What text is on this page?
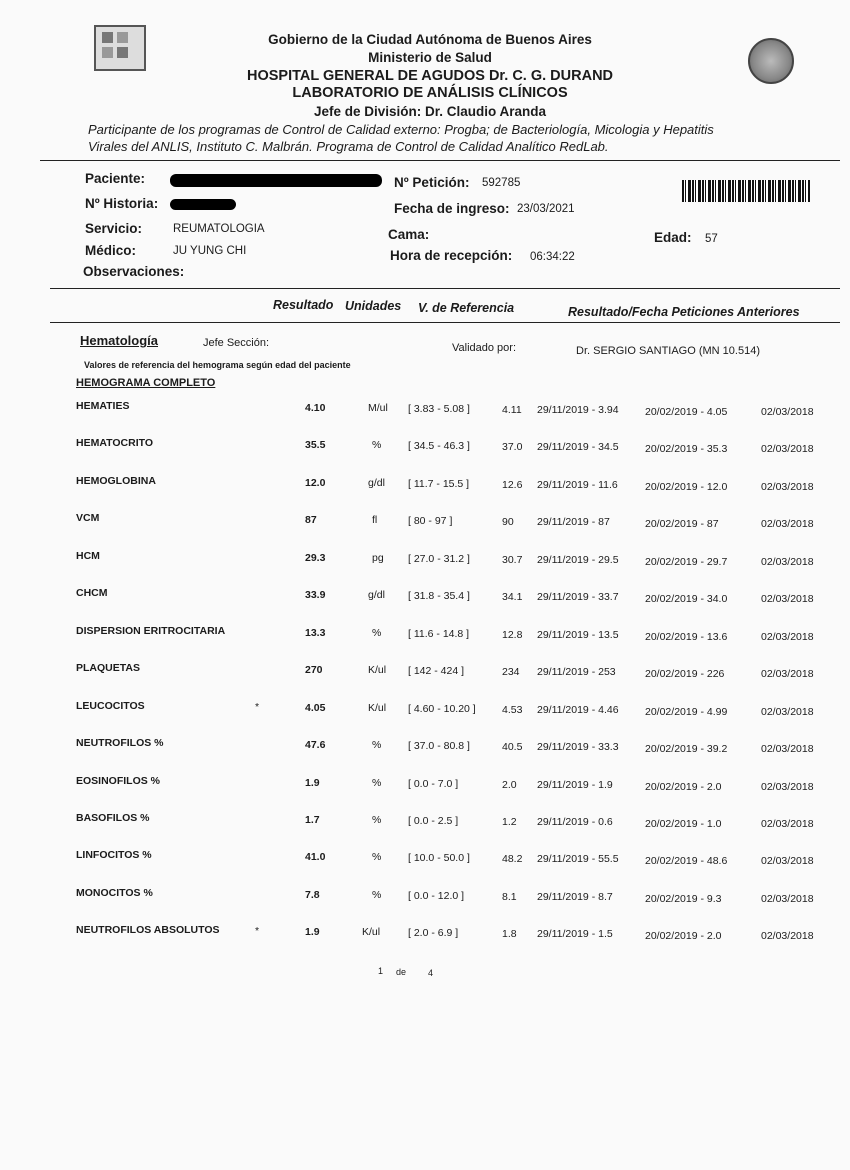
Gobierno de la Ciudad Autónoma de Buenos Aires
Ministerio de Salud
HOSPITAL GENERAL DE AGUDOS Dr. C. G. DURAND
LABORATORIO DE ANÁLISIS CLÍNICOS
Jefe de División: Dr. Claudio Aranda
Participante de los programas de Control de Calidad externo: Progba; de Bacteriología, Micologia y Hepatitis
Virales del ANLIS, Instituto C. Malbrán. Programa de Control de Calidad Analítico RedLab.
Paciente:	Nº Petición: 592785
Nº Historia:	Fecha de ingreso: 23/03/2021
Servicio:	REUMATOLOGIA	Cama:	Edad: 57
Médico:	JU YUNG CHI	Hora de recepción: 06:34:22
Observaciones:
Resultado Unidades V. de Referencia	Resultado/Fecha Peticiones Anteriores
Hematología	Jefe Sección:	Validado por:	Dr. SERGIO SANTIAGO (MN 10.514)
Valores de referencia del hemograma según edad del paciente
HEMOGRAMA COMPLETO
HEMATIES	4.10	M/ul [ 3.83 - 5.08 ]	4.11 29/11/2019 - 3.94	20/02/2019 - 4.05	02/03/2018
HEMATOCRITO	35.5	%	[ 34.5 - 46.3 ]	37.0 29/11/2019 - 34.5	20/02/2019 - 35.3	02/03/2018
HEMOGLOBINA	12.0	g/dl [ 11.7 - 15.5 ]	12.6 29/11/2019 - 11.6	20/02/2019 - 12.0	02/03/2018
VCM	87	fl	[ 80 - 97 ]	90 29/11/2019 - 87	20/02/2019 - 87	02/03/2018
HCM	29.3	pg [ 27.0 - 31.2 ]	30.7 29/11/2019 - 29.5	20/02/2019 - 29.7	02/03/2018
CHCM	33.9	g/dl [ 31.8 - 35.4 ]	34.1 29/11/2019 - 33.7	20/02/2019 - 34.0	02/03/2018
DISPERSION ERITROCITARIA	13.3	%	[ 11.6 - 14.8 ]	12.8 29/11/2019 - 13.5	20/02/2019 - 13.6	02/03/2018
PLAQUETAS	270	K/ul [ 142 - 424 ]	234 29/11/2019 - 253	20/02/2019 - 226	02/03/2018
LEUCOCITOS	*	4.05	K/ul [ 4.60 - 10.20 ]	4.53 29/11/2019 - 4.46	20/02/2019 - 4.99	02/03/2018
NEUTROFILOS %	47.6	%	[ 37.0 - 80.8 ]	40.5 29/11/2019 - 33.3	20/02/2019 - 39.2	02/03/2018
EOSINOFILOS %	1.9	%	[ 0.0 - 7.0 ]	2.0 29/11/2019 - 1.9	20/02/2019 - 2.0	02/03/2018
BASOFILOS %	1.7	%	[ 0.0 - 2.5 ]	1.2 29/11/2019 - 0.6	20/02/2019 - 1.0	02/03/2018
LINFOCITOS %	41.0	%	[ 10.0 - 50.0 ]	48.2 29/11/2019 - 55.5	20/02/2019 - 48.6	02/03/2018
MONOCITOS %	7.8	%	[ 0.0 - 12.0 ]	8.1 29/11/2019 - 8.7	20/02/2019 - 9.3	02/03/2018
NEUTROFILOS ABSOLUTOS	*	1.9	K/ul	[ 2.0 - 6.9 ]	1.8 29/11/2019 - 1.5	20/02/2019 - 2.0	02/03/2018
1 de 4
